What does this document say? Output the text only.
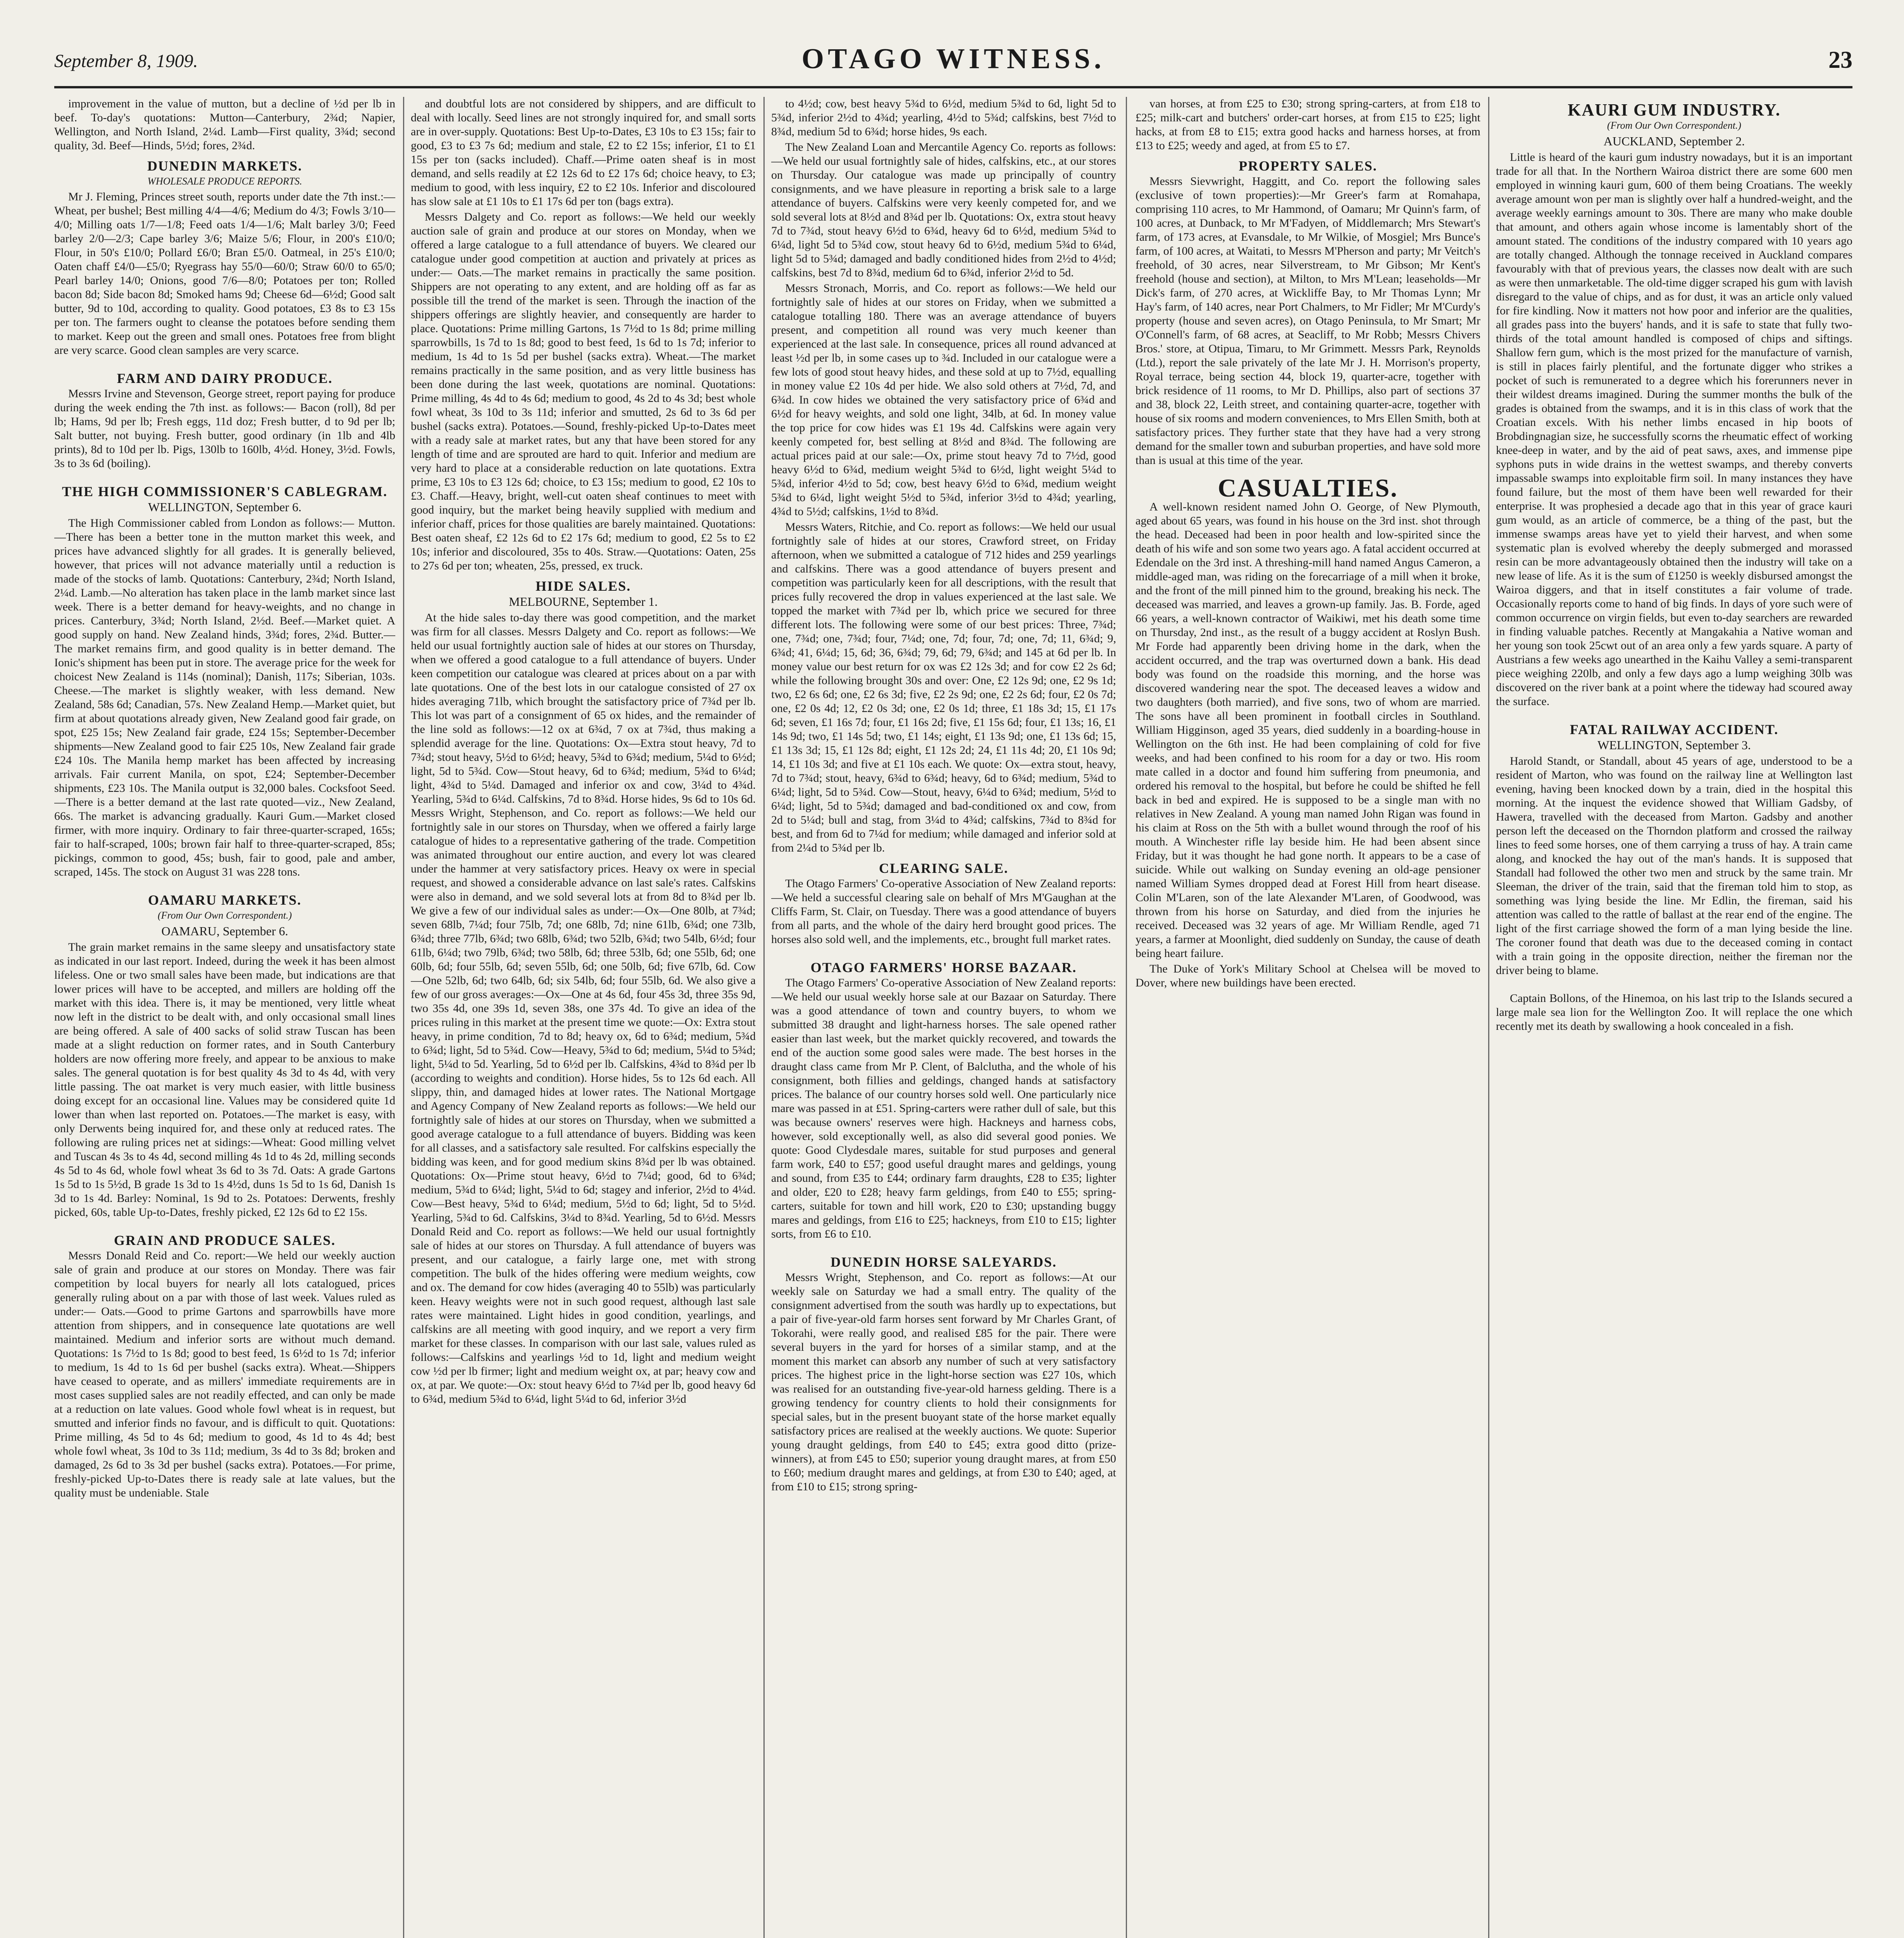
September 8, 1909.	OTAGO WITNESS.	23
improvement in the value of mutton, but a decline of ½d per lb in beef. To-day's quotations: Mutton—Canterbury, 2¾d; Napier, Wellington, and North Island, 2¼d. Lamb—First quality, 3¾d; second quality, 3d. Beef—Hinds, 5½d; fores, 2¾d.
DUNEDIN MARKETS.
WHOLESALE PRODUCE REPORTS.
Mr J. Fleming, Princes street south, reports under date the 7th inst.:— Wheat, per bushel; Best milling 4/4—4/6; Medium do 4/3; Fowls 3/10—4/0; Milling oats 1/7—1/8; Feed oats 1/4—1/6; Malt barley 3/0; Feed barley 2/0—2/3; Cape barley 3/6; Maize 5/6; Flour, in 200's £10/0; Flour, in 50's £10/0; Pollard £6/0; Bran £5/0. Oatmeal, in 25's £10/0; Oaten chaff £4/0—£5/0; Ryegrass hay 55/0—60/0; Straw 60/0 to 65/0; Pearl barley 14/0; Onions, good 7/6—8/0; Potatoes per ton; Rolled bacon 8d; Side bacon 8d; Smoked hams 9d; Cheese 6d—6½d; Good salt butter, 9d to 10d, according to quality. Good potatoes, £3 8s to £3 15s per ton. The farmers ought to cleanse the potatoes before sending them to market. Keep out the green and small ones. Potatoes free from blight are very scarce. Good clean samples are very scarce.
FARM AND DAIRY PRODUCE.
Messrs Irvine and Stevenson, George street, report paying for produce during the week ending the 7th inst. as follows:— Bacon (roll), 8d per lb; Hams, 9d per lb; Fresh eggs, 11d doz; Fresh butter, d to 9d per lb; Salt butter, not buying. Fresh butter, good ordinary (in 1lb and 4lb prints), 8d to 10d per lb. Pigs, 130lb to 160lb, 4½d. Honey, 3½d. Fowls, 3s to 3s 6d (boiling).
THE HIGH COMMISSIONER'S CABLEGRAM.
WELLINGTON, September 6.
The High Commissioner cabled from London as follows:— Mutton.—There has been a better tone in the mutton market this week, and prices have advanced slightly for all grades. It is generally believed, however, that prices will not advance materially until a reduction is made of the stocks of lamb. Quotations: Canterbury, 2¾d; North Island, 2¼d. Lamb.—No alteration has taken place in the lamb market since last week. There is a better demand for heavy-weights, and no change in prices. Canterbury, 3¾d; North Island, 2½d. Beef.—Market quiet. A good supply on hand. New Zealand hinds, 3¾d; fores, 2¾d. Butter.—The market remains firm, and good quality is in better demand. The Ionic's shipment has been put in store. The average price for the week for choicest New Zealand is 114s (nominal); Danish, 117s; Siberian, 103s. Cheese.—The market is slightly weaker, with less demand. New Zealand, 58s 6d; Canadian, 57s. New Zealand Hemp.—Market quiet, but firm at about quotations already given, New Zealand good fair grade, on spot, £25 15s; New Zealand fair grade, £24 15s; September-December shipments—New Zealand good to fair £25 10s, New Zealand fair grade £24 10s. The Manila hemp market has been affected by increasing arrivals. Fair current Manila, on spot, £24; September-December shipments, £23 10s. The Manila output is 32,000 bales. Cocksfoot Seed.—There is a better demand at the last rate quoted—viz., New Zealand, 66s. The market is advancing gradually. Kauri Gum.—Market closed firmer, with more inquiry. Ordinary to fair three-quarter-scraped, 165s; fair to half-scraped, 100s; brown fair half to three-quarter-scraped, 85s; pickings, common to good, 45s; bush, fair to good, pale and amber, scraped, 145s. The stock on August 31 was 228 tons.
OAMARU MARKETS.
(From Our Own Correspondent.)
OAMARU, September 6.
The grain market remains in the same sleepy and unsatisfactory state as indicated in our last report. Indeed, during the week it has been almost lifeless. One or two small sales have been made, but indications are that lower prices will have to be accepted, and millers are holding off the market with this idea. There is, it may be mentioned, very little wheat now left in the district to be dealt with, and only occasional small lines are being offered. A sale of 400 sacks of solid straw Tuscan has been made at a slight reduction on former rates, and in South Canterbury holders are now offering more freely, and appear to be anxious to make sales. The general quotation is for best quality 4s 3d to 4s 4d, with very little passing. The oat market is very much easier, with little business doing except for an occasional line. Values may be considered quite 1d lower than when last reported on. Potatoes.—The market is easy, with only Derwents being inquired for, and these only at reduced rates. The following are ruling prices net at sidings:—Wheat: Good milling velvet and Tuscan 4s 3s to 4s 4d, second milling 4s 1d to 4s 2d, milling seconds 4s 5d to 4s 6d, whole fowl wheat 3s 6d to 3s 7d. Oats: A grade Gartons 1s 5d to 1s 5½d, B grade 1s 3d to 1s 4½d, duns 1s 5d to 1s 6d, Danish 1s 3d to 1s 4d. Barley: Nominal, 1s 9d to 2s. Potatoes: Derwents, freshly picked, 60s, table Up-to-Dates, freshly picked, £2 12s 6d to £2 15s.
GRAIN AND PRODUCE SALES.
Messrs Donald Reid and Co. report:—We held our weekly auction sale of grain and produce at our stores on Monday. There was fair competition by local buyers for nearly all lots catalogued, prices generally ruling about on a par with those of last week. Values ruled as under:— Oats.—Good to prime Gartons and sparrowbills have more attention from shippers, and in consequence late quotations are well maintained. Medium and inferior sorts are without much demand. Quotations: 1s 7½d to 1s 8d; good to best feed, 1s 6½d to 1s 7d; inferior to medium, 1s 4d to 1s 6d per bushel (sacks extra). Wheat.—Shippers have ceased to operate, and as millers' immediate requirements are in most cases supplied sales are not readily effected, and can only be made at a reduction on late values. Good whole fowl wheat is in request, but smutted and inferior finds no favour, and is difficult to quit. Quotations: Prime milling, 4s 5d to 4s 6d; medium to good, 4s 1d to 4s 4d; best whole fowl wheat, 3s 10d to 3s 11d; medium, 3s 4d to 3s 8d; broken and damaged, 2s 6d to 3s 3d per bushel (sacks extra). Potatoes.—For prime, freshly-picked Up-to-Dates there is ready sale at late values, but the quality must be undeniable. Stale
and doubtful lots are not considered by shippers, and are difficult to deal with locally. Seed lines are not strongly inquired for, and small sorts are in over-supply. Quotations: Best Up-to-Dates, £3 10s to £3 15s; fair to good, £3 to £3 7s 6d; medium and stale, £2 to £2 15s; inferior, £1 to £1 15s per ton (sacks included). Chaff.—Prime oaten sheaf is in most demand, and sells readily at £2 12s 6d to £2 17s 6d; choice heavy, to £3; medium to good, with less inquiry, £2 to £2 10s. Inferior and discoloured has slow sale at £1 10s to £1 17s 6d per ton (bags extra).
Messrs Dalgety and Co. report as follows:—We held our weekly auction sale of grain and produce at our stores on Monday, when we offered a large catalogue to a full attendance of buyers. We cleared our catalogue under good competition at auction and privately at prices as under:— Oats.—The market remains in practically the same position. Shippers are not operating to any extent, and are holding off as far as possible till the trend of the market is seen. Through the inaction of the shippers offerings are slightly heavier, and consequently are harder to place. Quotations: Prime milling Gartons, 1s 7½d to 1s 8d; prime milling sparrowbills, 1s 7d to 1s 8d; good to best feed, 1s 6d to 1s 7d; inferior to medium, 1s 4d to 1s 5d per bushel (sacks extra). Wheat.—The market remains practically in the same position, and as very little business has been done during the last week, quotations are nominal. Quotations: Prime milling, 4s 4d to 4s 6d; medium to good, 4s 2d to 4s 3d; best whole fowl wheat, 3s 10d to 3s 11d; inferior and smutted, 2s 6d to 3s 6d per bushel (sacks extra). Potatoes.—Sound, freshly-picked Up-to-Dates meet with a ready sale at market rates, but any that have been stored for any length of time and are sprouted are hard to quit. Inferior and medium are very hard to place at a considerable reduction on late quotations. Extra prime, £3 10s to £3 12s 6d; choice, to £3 15s; medium to good, £2 10s to £3. Chaff.—Heavy, bright, well-cut oaten sheaf continues to meet with good inquiry, but the market being heavily supplied with medium and inferior chaff, prices for those qualities are barely maintained. Quotations: Best oaten sheaf, £2 12s 6d to £2 17s 6d; medium to good, £2 5s to £2 10s; inferior and discoloured, 35s to 40s. Straw.—Quotations: Oaten, 25s to 27s 6d per ton; wheaten, 25s, pressed, ex truck.
HIDE SALES.
MELBOURNE, September 1.
At the hide sales to-day there was good competition, and the market was firm for all classes. Messrs Dalgety and Co. report as follows:—We held our usual fortnightly auction sale of hides at our stores on Thursday, when we offered a good catalogue to a full attendance of buyers. Under keen competition our catalogue was cleared at prices about on a par with late quotations. One of the best lots in our catalogue consisted of 27 ox hides averaging 71lb, which brought the satisfactory price of 7¾d per lb. This lot was part of a consignment of 65 ox hides, and the remainder of the line sold as follows:—12 ox at 6¾d, 7 ox at 7¾d, thus making a splendid average for the line. Quotations: Ox—Extra stout heavy, 7d to 7¾d; stout heavy, 5½d to 6½d; heavy, 5¾d to 6¾d; medium, 5¼d to 6½d; light, 5d to 5¾d. Cow—Stout heavy, 6d to 6¾d; medium, 5¾d to 6¼d; light, 4¾d to 5¼d. Damaged and inferior ox and cow, 3¼d to 4¾d. Yearling, 5¾d to 6¼d. Calfskins, 7d to 8¾d. Horse hides, 9s 6d to 10s 6d. Messrs Wright, Stephenson, and Co. report as follows:—We held our fortnightly sale in our stores on Thursday, when we offered a fairly large catalogue of hides to a representative gathering of the trade. Competition was animated throughout our entire auction, and every lot was cleared under the hammer at very satisfactory prices. Heavy ox were in special request, and showed a considerable advance on last sale's rates. Calfskins were also in demand, and we sold several lots at from 8d to 8¾d per lb. We give a few of our individual sales as under:—Ox—One 80lb, at 7¾d; seven 68lb, 7¼d; four 75lb, 7d; one 68lb, 7d; nine 61lb, 6¾d; one 73lb, 6¾d; three 77lb, 6¾d; two 68lb, 6¾d; two 52lb, 6¾d; two 54lb, 6½d; four 61lb, 6¼d; two 79lb, 6¾d; two 58lb, 6d; three 53lb, 6d; one 55lb, 6d; one 60lb, 6d; four 55lb, 6d; seven 55lb, 6d; one 50lb, 6d; five 67lb, 6d. Cow—One 52lb, 6d; two 64lb, 6d; six 54lb, 6d; four 55lb, 6d. We also give a few of our gross averages:—Ox—One at 4s 6d, four 45s 3d, three 35s 9d, two 35s 4d, one 39s 1d, seven 38s, one 37s 4d. To give an idea of the prices ruling in this market at the present time we quote:—Ox: Extra stout heavy, in prime condition, 7d to 8d; heavy ox, 6d to 6¾d; medium, 5¾d to 6¾d; light, 5d to 5¾d. Cow—Heavy, 5¾d to 6d; medium, 5¼d to 5¾d; light, 5¼d to 5d. Yearling, 5d to 6½d per lb. Calfskins, 4¾d to 8¾d per lb (according to weights and condition). Horse hides, 5s to 12s 6d each. All slippy, thin, and damaged hides at lower rates. The National Mortgage and Agency Company of New Zealand reports as follows:—We held our fortnightly sale of hides at our stores on Thursday, when we submitted a good average catalogue to a full attendance of buyers. Bidding was keen for all classes, and a satisfactory sale resulted. For calfskins especially the bidding was keen, and for good medium skins 8¾d per lb was obtained. Quotations: Ox—Prime stout heavy, 6½d to 7¼d; good, 6d to 6¾d; medium, 5¾d to 6¼d; light, 5¼d to 6d; stagey and inferior, 2½d to 4¼d. Cow—Best heavy, 5¾d to 6¼d; medium, 5½d to 6d; light, 5d to 5½d. Yearling, 5¾d to 6d. Calfskins, 3¼d to 8¾d. Yearling, 5d to 6½d. Messrs Donald Reid and Co. report as follows:—We held our usual fortnightly sale of hides at our stores on Thursday. A full attendance of buyers was present, and our catalogue, a fairly large one, met with strong competition. The bulk of the hides offering were medium weights, cow and ox. The demand for cow hides (averaging 40 to 55lb) was particularly keen. Heavy weights were not in such good request, although last sale rates were maintained. Light hides in good condition, yearlings, and calfskins are all meeting with good inquiry, and we report a very firm market for these classes. In comparison with our last sale, values ruled as follows:—Calfskins and yearlings ½d to 1d, light and medium weight cow ½d per lb firmer; light and medium weight ox, at par; heavy cow and ox, at par. We quote:—Ox: stout heavy 6½d to 7¼d per lb, good heavy 6d to 6¾d, medium 5¾d to 6¼d, light 5¼d to 6d, inferior 3½d
to 4½d; cow, best heavy 5¾d to 6½d, medium 5¾d to 6d, light 5d to 5¾d, inferior 2½d to 4¾d; yearling, 4½d to 5¾d; calfskins, best 7½d to 8¾d, medium 5d to 6¾d; horse hides, 9s each.
The New Zealand Loan and Mercantile Agency Co. reports as follows:—We held our usual fortnightly sale of hides, calfskins, etc., at our stores on Thursday. Our catalogue was made up principally of country consignments, and we have pleasure in reporting a brisk sale to a large attendance of buyers. Calfskins were very keenly competed for, and we sold several lots at 8½d and 8¾d per lb. Quotations: Ox, extra stout heavy 7d to 7¾d, stout heavy 6½d to 6¾d, heavy 6d to 6½d, medium 5¾d to 6¼d, light 5d to 5¾d cow, stout heavy 6d to 6½d, medium 5¾d to 6¼d, light 5d to 5¾d; damaged and badly conditioned hides from 2½d to 4½d; calfskins, best 7d to 8¾d, medium 6d to 6¾d, inferior 2½d to 5d.
Messrs Stronach, Morris, and Co. report as follows:—We held our fortnightly sale of hides at our stores on Friday, when we submitted a catalogue totalling 180. There was an average attendance of buyers present, and competition all round was very much keener than experienced at the last sale. In consequence, prices all round advanced at least ½d per lb, in some cases up to ¾d. Included in our catalogue were a few lots of good stout heavy hides, and these sold at up to 7½d, equalling in money value £2 10s 4d per hide. We also sold others at 7½d, 7d, and 6¾d. In cow hides we obtained the very satisfactory price of 6¾d and 6½d for heavy weights, and sold one light, 34lb, at 6d. In money value the top price for cow hides was £1 19s 4d. Calfskins were again very keenly competed for, best selling at 8½d and 8¾d. The following are actual prices paid at our sale:—Ox, prime stout heavy 7d to 7½d, good heavy 6½d to 6¾d, medium weight 5¾d to 6½d, light weight 5¼d to 5¾d, inferior 4½d to 5d; cow, best heavy 6½d to 6¾d, medium weight 5¾d to 6¼d, light weight 5½d to 5¾d, inferior 3½d to 4¾d; yearling, 4¾d to 5½d; calfskins, 1½d to 8¾d.
Messrs Waters, Ritchie, and Co. report as follows:—We held our usual fortnightly sale of hides at our stores, Crawford street, on Friday afternoon, when we submitted a catalogue of 712 hides and 259 yearlings and calfskins. There was a good attendance of buyers present and competition was particularly keen for all descriptions, with the result that prices fully recovered the drop in values experienced at the last sale. We topped the market with 7¾d per lb, which price we secured for three different lots. The following were some of our best prices: Three, 7¾d; one, 7¾d; one, 7¾d; four, 7¼d; one, 7d; four, 7d; one, 7d; 11, 6¾d; 9, 6¾d; 41, 6¼d; 15, 6d; 36, 6¾d; 79, 6d; 79, 6¾d; and 145 at 6d per lb. In money value our best return for ox was £2 12s 3d; and for cow £2 2s 6d; while the following brought 30s and over: One, £2 12s 9d; one, £2 9s 1d; two, £2 6s 6d; one, £2 6s 3d; five, £2 2s 9d; one, £2 2s 6d; four, £2 0s 7d; one, £2 0s 4d; 12, £2 0s 3d; one, £2 0s 1d; three, £1 18s 3d; 15, £1 17s 6d; seven, £1 16s 7d; four, £1 16s 2d; five, £1 15s 6d; four, £1 13s; 16, £1 14s 9d; two, £1 14s 5d; two, £1 14s; eight, £1 13s 9d; one, £1 13s 6d; 15, £1 13s 3d; 15, £1 12s 8d; eight, £1 12s 2d; 24, £1 11s 4d; 20, £1 10s 9d; 14, £1 10s 3d; and five at £1 10s each. We quote: Ox—extra stout, heavy, 7d to 7¾d; stout, heavy, 6¾d to 6¾d; heavy, 6d to 6¾d; medium, 5¾d to 6¼d; light, 5d to 5¾d. Cow—Stout, heavy, 6¼d to 6¾d; medium, 5½d to 6¼d; light, 5d to 5¾d; damaged and bad-conditioned ox and cow, from 2d to 5¼d; bull and stag, from 3¼d to 4¾d; calfskins, 7¾d to 8¾d for best, and from 6d to 7¼d for medium; while damaged and inferior sold at from 2¼d to 5¾d per lb.
CLEARING SALE.
The Otago Farmers' Co-operative Association of New Zealand reports:—We held a successful clearing sale on behalf of Mrs M'Gaughan at the Cliffs Farm, St. Clair, on Tuesday. There was a good attendance of buyers from all parts, and the whole of the dairy herd brought good prices. The horses also sold well, and the implements, etc., brought full market rates.
OTAGO FARMERS' HORSE BAZAAR.
The Otago Farmers' Co-operative Association of New Zealand reports:—We held our usual weekly horse sale at our Bazaar on Saturday. There was a good attendance of town and country buyers, to whom we submitted 38 draught and light-harness horses. The sale opened rather easier than last week, but the market quickly recovered, and towards the end of the auction some good sales were made. The best horses in the draught class came from Mr P. Clent, of Balclutha, and the whole of his consignment, both fillies and geldings, changed hands at satisfactory prices. The balance of our country horses sold well. One particularly nice mare was passed in at £51. Spring-carters were rather dull of sale, but this was because owners' reserves were high. Hackneys and harness cobs, however, sold exceptionally well, as also did several good ponies. We quote: Good Clydesdale mares, suitable for stud purposes and general farm work, £40 to £57; good useful draught mares and geldings, young and sound, from £35 to £44; ordinary farm draughts, £28 to £35; lighter and older, £20 to £28; heavy farm geldings, from £40 to £55; spring-carters, suitable for town and hill work, £20 to £30; upstanding buggy mares and geldings, from £16 to £25; hackneys, from £10 to £15; lighter sorts, from £6 to £10.
DUNEDIN HORSE SALEYARDS.
Messrs Wright, Stephenson, and Co. report as follows:—At our weekly sale on Saturday we had a small entry. The quality of the consignment advertised from the south was hardly up to expectations, but a pair of five-year-old farm horses sent forward by Mr Charles Grant, of Tokorahi, were really good, and realised £85 for the pair. There were several buyers in the yard for horses of a similar stamp, and at the moment this market can absorb any number of such at very satisfactory prices. The highest price in the light-horse section was £27 10s, which was realised for an outstanding five-year-old harness gelding. There is a growing tendency for country clients to hold their consignments for special sales, but in the present buoyant state of the horse market equally satisfactory prices are realised at the weekly auctions. We quote: Superior young draught geldings, from £40 to £45; extra good ditto (prize-winners), at from £45 to £50; superior young draught mares, at from £50 to £60; medium draught mares and geldings, at from £30 to £40; aged, at from £10 to £15; strong spring-
van horses, at from £25 to £30; strong spring-carters, at from £18 to £25; milk-cart and butchers' order-cart horses, at from £15 to £25; light hacks, at from £8 to £15; extra good hacks and harness horses, at from £13 to £25; weedy and aged, at from £5 to £7.
PROPERTY SALES.
Messrs Sievwright, Haggitt, and Co. report the following sales (exclusive of town properties):—Mr Greer's farm at Romahapa, comprising 110 acres, to Mr Hammond, of Oamaru; Mr Quinn's farm, of 100 acres, at Dunback, to Mr M'Fadyen, of Middlemarch; Mrs Stewart's farm, of 173 acres, at Evansdale, to Mr Wilkie, of Mosgiel; Mrs Bunce's farm, of 100 acres, at Waitati, to Messrs M'Pherson and party; Mr Veitch's freehold, of 30 acres, near Silverstream, to Mr Gibson; Mr Kent's freehold (house and section), at Milton, to Mrs M'Lean; leaseholds—Mr Dick's farm, of 270 acres, at Wickliffe Bay, to Mr Thomas Lynn; Mr Hay's farm, of 140 acres, near Port Chalmers, to Mr Fidler; Mr M'Curdy's property (house and seven acres), on Otago Peninsula, to Mr Smart; Mr O'Connell's farm, of 68 acres, at Seacliff, to Mr Robb; Messrs Chivers Bros.' store, at Otipua, Timaru, to Mr Grimmett. Messrs Park, Reynolds (Ltd.), report the sale privately of the late Mr J. H. Morrison's property, Royal terrace, being section 44, block 19, quarter-acre, together with brick residence of 11 rooms, to Mr D. Phillips, also part of sections 37 and 38, block 22, Leith street, and containing quarter-acre, together with house of six rooms and modern conveniences, to Mrs Ellen Smith, both at satisfactory prices. They further state that they have had a very strong demand for the smaller town and suburban properties, and have sold more than is usual at this time of the year.
CASUALTIES.
A well-known resident named John O. George, of New Plymouth, aged about 65 years, was found in his house on the 3rd inst. shot through the head. Deceased had been in poor health and low-spirited since the death of his wife and son some two years ago. A fatal accident occurred at Edendale on the 3rd inst. A threshing-mill hand named Angus Cameron, a middle-aged man, was riding on the forecarriage of a mill when it broke, and the front of the mill pinned him to the ground, breaking his neck. The deceased was married, and leaves a grown-up family. Jas. B. Forde, aged 66 years, a well-known contractor of Waikiwi, met his death some time on Thursday, 2nd inst., as the result of a buggy accident at Roslyn Bush. Mr Forde had apparently been driving home in the dark, when the accident occurred, and the trap was overturned down a bank. His dead body was found on the roadside this morning, and the horse was discovered wandering near the spot. The deceased leaves a widow and two daughters (both married), and five sons, two of whom are married. The sons have all been prominent in football circles in Southland. William Higginson, aged 35 years, died suddenly in a boarding-house in Wellington on the 6th inst. He had been complaining of cold for five weeks, and had been confined to his room for a day or two. His room mate called in a doctor and found him suffering from pneumonia, and ordered his removal to the hospital, but before he could be shifted he fell back in bed and expired. He is supposed to be a single man with no relatives in New Zealand. A young man named John Rigan was found in his claim at Ross on the 5th with a bullet wound through the roof of his mouth. A Winchester rifle lay beside him. He had been absent since Friday, but it was thought he had gone north. It appears to be a case of suicide. While out walking on Sunday evening an old-age pensioner named William Symes dropped dead at Forest Hill from heart disease. Colin M'Laren, son of the late Alexander M'Laren, of Goodwood, was thrown from his horse on Saturday, and died from the injuries he received. Deceased was 32 years of age. Mr William Rendle, aged 71 years, a farmer at Moonlight, died suddenly on Sunday, the cause of death being heart failure.
The Duke of York's Military School at Chelsea will be moved to Dover, where new buildings have been erected.
KAURI GUM INDUSTRY.
(From Our Own Correspondent.)
AUCKLAND, September 2.
Little is heard of the kauri gum industry nowadays, but it is an important trade for all that. In the Northern Wairoa district there are some 600 men employed in winning kauri gum, 600 of them being Croatians. The weekly average amount won per man is slightly over half a hundred-weight, and the average weekly earnings amount to 30s. There are many who make double that amount, and others again whose income is lamentably short of the amount stated. The conditions of the industry compared with 10 years ago are totally changed. Although the tonnage received in Auckland compares favourably with that of previous years, the classes now dealt with are such as were then unmarketable. The old-time digger scraped his gum with lavish disregard to the value of chips, and as for dust, it was an article only valued for fire kindling. Now it matters not how poor and inferior are the qualities, all grades pass into the buyers' hands, and it is safe to state that fully two-thirds of the total amount handled is composed of chips and siftings. Shallow fern gum, which is the most prized for the manufacture of varnish, is still in places fairly plentiful, and the fortunate digger who strikes a pocket of such is remunerated to a degree which his forerunners never in their wildest dreams imagined. During the summer months the bulk of the grades is obtained from the swamps, and it is in this class of work that the Croatian excels. With his nether limbs encased in hip boots of Brobdingnagian size, he successfully scorns the rheumatic effect of working knee-deep in water, and by the aid of peat saws, axes, and immense pipe syphons puts in wide drains in the wettest swamps, and thereby converts impassable swamps into exploitable firm soil. In many instances they have found failure, but the most of them have been well rewarded for their enterprise. It was prophesied a decade ago that in this year of grace kauri gum would, as an article of commerce, be a thing of the past, but the immense swamps areas have yet to yield their harvest, and when some systematic plan is evolved whereby the deeply submerged and morassed resin can be more advantageously obtained then the industry will take on a new lease of life. As it is the sum of £1250 is weekly disbursed amongst the Wairoa diggers, and that in itself constitutes a fair volume of trade. Occasionally reports come to hand of big finds. In days of yore such were of common occurrence on virgin fields, but even to-day searchers are rewarded in finding valuable patches. Recently at Mangakahia a Native woman and her young son took 25cwt out of an area only a few yards square. A party of Austrians a few weeks ago unearthed in the Kaihu Valley a semi-transparent piece weighing 220lb, and only a few days ago a lump weighing 30lb was discovered on the river bank at a point where the tideway had scoured away the surface.
FATAL RAILWAY ACCIDENT.
WELLINGTON, September 3.
Harold Standt, or Standall, about 45 years of age, understood to be a resident of Marton, who was found on the railway line at Wellington last evening, having been knocked down by a train, died in the hospital this morning. At the inquest the evidence showed that William Gadsby, of Hawera, travelled with the deceased from Marton. Gadsby and another person left the deceased on the Thorndon platform and crossed the railway lines to feed some horses, one of them carrying a truss of hay. A train came along, and knocked the hay out of the man's hands. It is supposed that Standall had followed the other two men and struck by the same train. Mr Sleeman, the driver of the train, said that the fireman told him to stop, as something was lying beside the line. Mr Edlin, the fireman, said his attention was called to the rattle of ballast at the rear end of the engine. The light of the first carriage showed the form of a man lying beside the line. The coroner found that death was due to the deceased coming in contact with a train going in the opposite direction, neither the fireman nor the driver being to blame.
Captain Bollons, of the Hinemoa, on his last trip to the Islands secured a large male sea lion for the Wellington Zoo. It will replace the one which recently met its death by swallowing a hook concealed in a fish.
